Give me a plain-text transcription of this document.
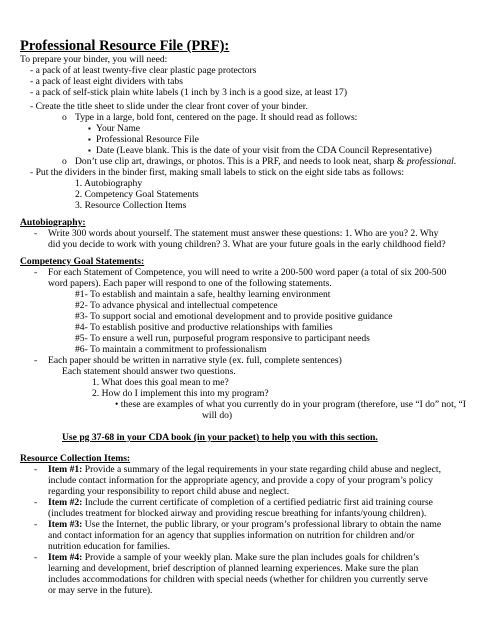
Professional Resource File (PRF):
To prepare your binder, you will need:
- a pack of at least twenty-five clear plastic page protectors
- a pack of least eight dividers with tabs
- a pack of self-stick plain white labels (1 inch by 3 inch is a good size, at least 17)
- Create the title sheet to slide under the clear front cover of your binder.
o Type in a large, bold font, centered on the page. It should read as follows:
▪ Your Name
▪ Professional Resource File
▪ Date (Leave blank. This is the date of your visit from the CDA Council Representative)
o Don’t use clip art, drawings, or photos. This is a PRF, and needs to look neat, sharp & professional.
- Put the dividers in the binder first, making small labels to stick on the eight side tabs as follows:
1. Autobiography
2. Competency Goal Statements
3. Resource Collection Items
Autobiography:
- Write 300 words about yourself. The statement must answer these questions: 1. Who are you? 2. Why
did you decide to work with young children? 3. What are your future goals in the early childhood field?
Competency Goal Statements:
- For each Statement of Competence, you will need to write a 200-500 word paper (a total of six 200-500
word papers). Each paper will respond to one of the following statements.
#1- To establish and maintain a safe, healthy learning environment
#2- To advance physical and intellectual competence
#3- To support social and emotional development and to provide positive guidance
#4- To establish positive and productive relationships with families
#5- To ensure a well run, purposeful program responsive to participant needs
#6- To maintain a commitment to professionalism
- Each paper should be written in narrative style (ex. full, complete sentences)
Each statement should answer two questions.
1. What does this goal mean to me?
2. How do I implement this into my program?
• these are examples of what you currently do in your program (therefore, use “I do” not, “I
will do)
Use pg 37-68 in your CDA book (in your packet) to help you with this section.
Resource Collection Items:
- Item #1: Provide a summary of the legal requirements in your state regarding child abuse and neglect,
include contact information for the appropriate agency, and provide a copy of your program’s policy
regarding your responsibility to report child abuse and neglect.
- Item #2: Include the current certificate of completion of a certified pediatric first aid training course
(includes treatment for blocked airway and providing rescue breathing for infants/young children).
- Item #3: Use the Internet, the public library, or your program’s professional library to obtain the name
and contact information for an agency that supplies information on nutrition for children and/or
nutrition education for families.
- Item #4: Provide a sample of your weekly plan. Make sure the plan includes goals for children’s
learning and development, brief description of planned learning experiences. Make sure the plan
includes accommodations for children with special needs (whether for children you currently serve
or may serve in the future).
